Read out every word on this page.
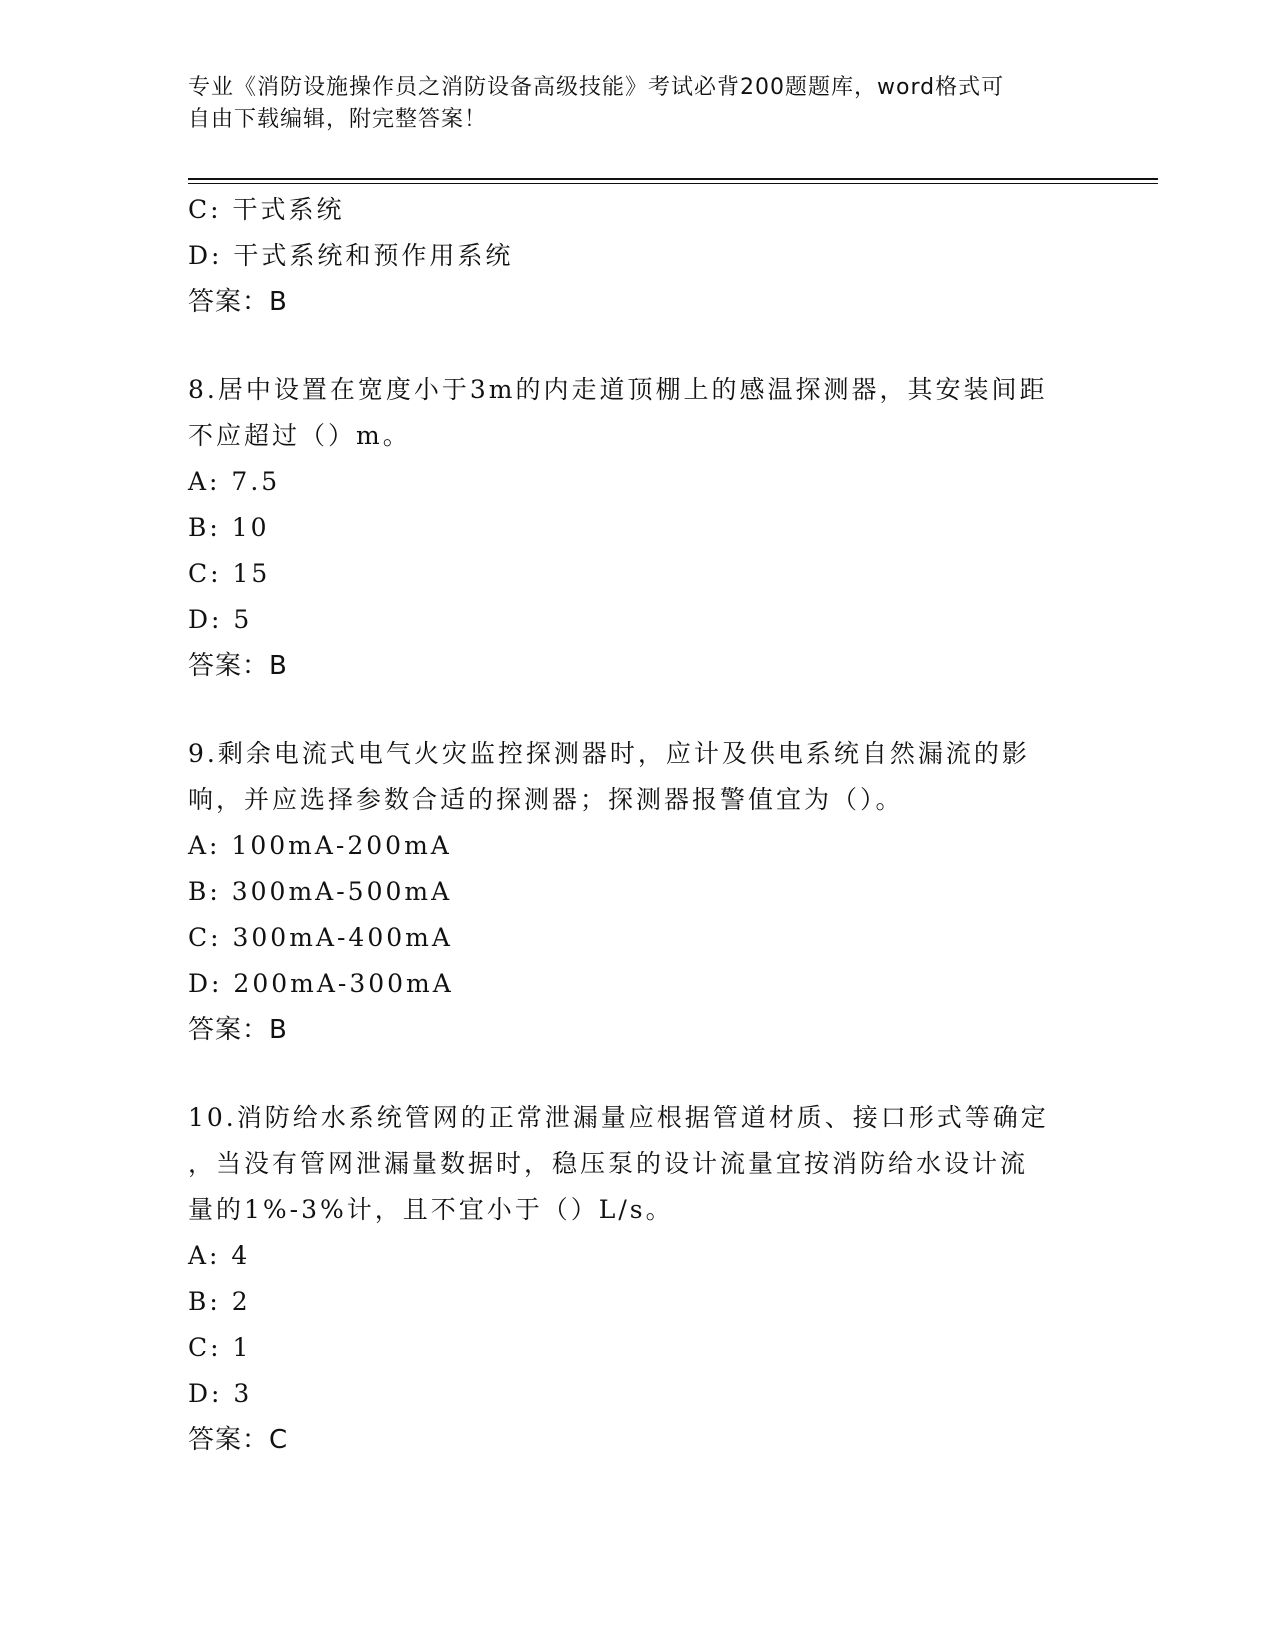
专业《消防设施操作员之消防设备高级技能》考试必背200题题库，word格式可
自由下载编辑，附完整答案！
C: 干式系统
D: 干式系统和预作用系统
答案：B
8.居中设置在宽度小于3m的内走道顶棚上的感温探测器，其安装间距
不应超过（）m。
A: 7.5
B: 10
C: 15
D: 5
答案：B
9.剩余电流式电气火灾监控探测器时，应计及供电系统自然漏流的影
响，并应选择参数合适的探测器；探测器报警值宜为（）。
A: 100mA-200mA
B: 300mA-500mA
C: 300mA-400mA
D: 200mA-300mA
答案：B
10.消防给水系统管网的正常泄漏量应根据管道材质、接口形式等确定
，当没有管网泄漏量数据时，稳压泵的设计流量宜按消防给水设计流
量的1%-3%计，且不宜小于（）L/s。
A: 4
B: 2
C: 1
D: 3
答案：C
